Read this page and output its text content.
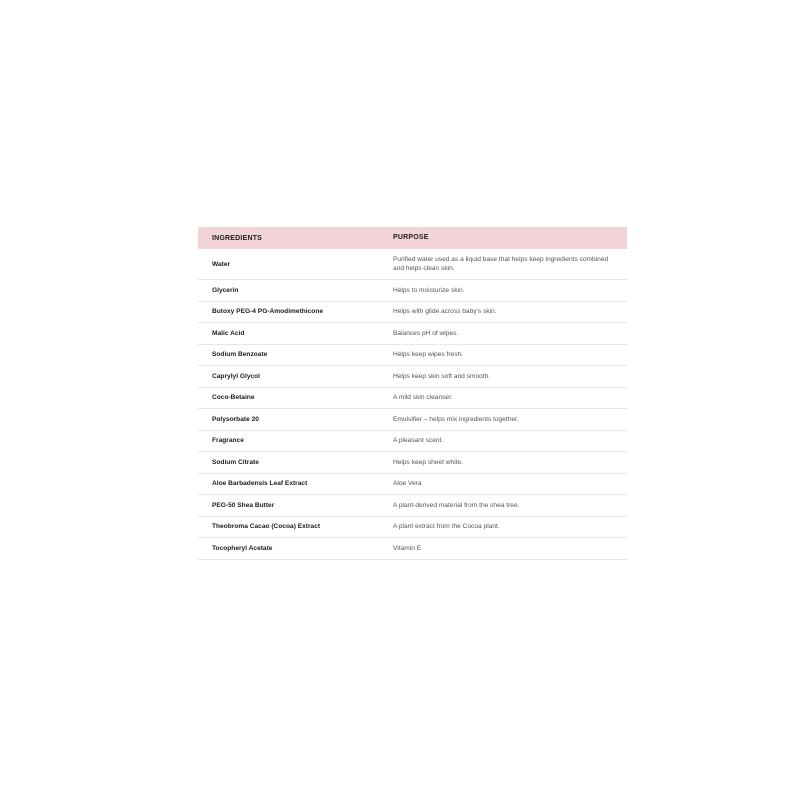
INGREDIENTS	PURPOSE
Water	Purified water used as a liquid base that helps keep ingredients combined and helps clean skin.
Glycerin	Helps to moisturize skin.
Butoxy PEG-4 PG-Amodimethicone	Helps with glide across baby's skin.
Malic Acid	Balances pH of wipes.
Sodium Benzoate	Helps keep wipes fresh.
Caprylyl Glycol	Helps keep skin soft and smooth.
Coco-Betaine	A mild skin cleanser.
Polysorbate 20	Emulsifier – helps mix ingredients together.
Fragrance	A pleasant scent.
Sodium Citrate	Helps keep sheet white.
Aloe Barbadensis Leaf Extract	Aloe Vera
PEG-50 Shea Butter	A plant-derived material from the shea tree.
Theobroma Cacao (Cocoa) Extract	A plant extract from the Cocoa plant.
Tocopheryl Acetate	Vitamin E
